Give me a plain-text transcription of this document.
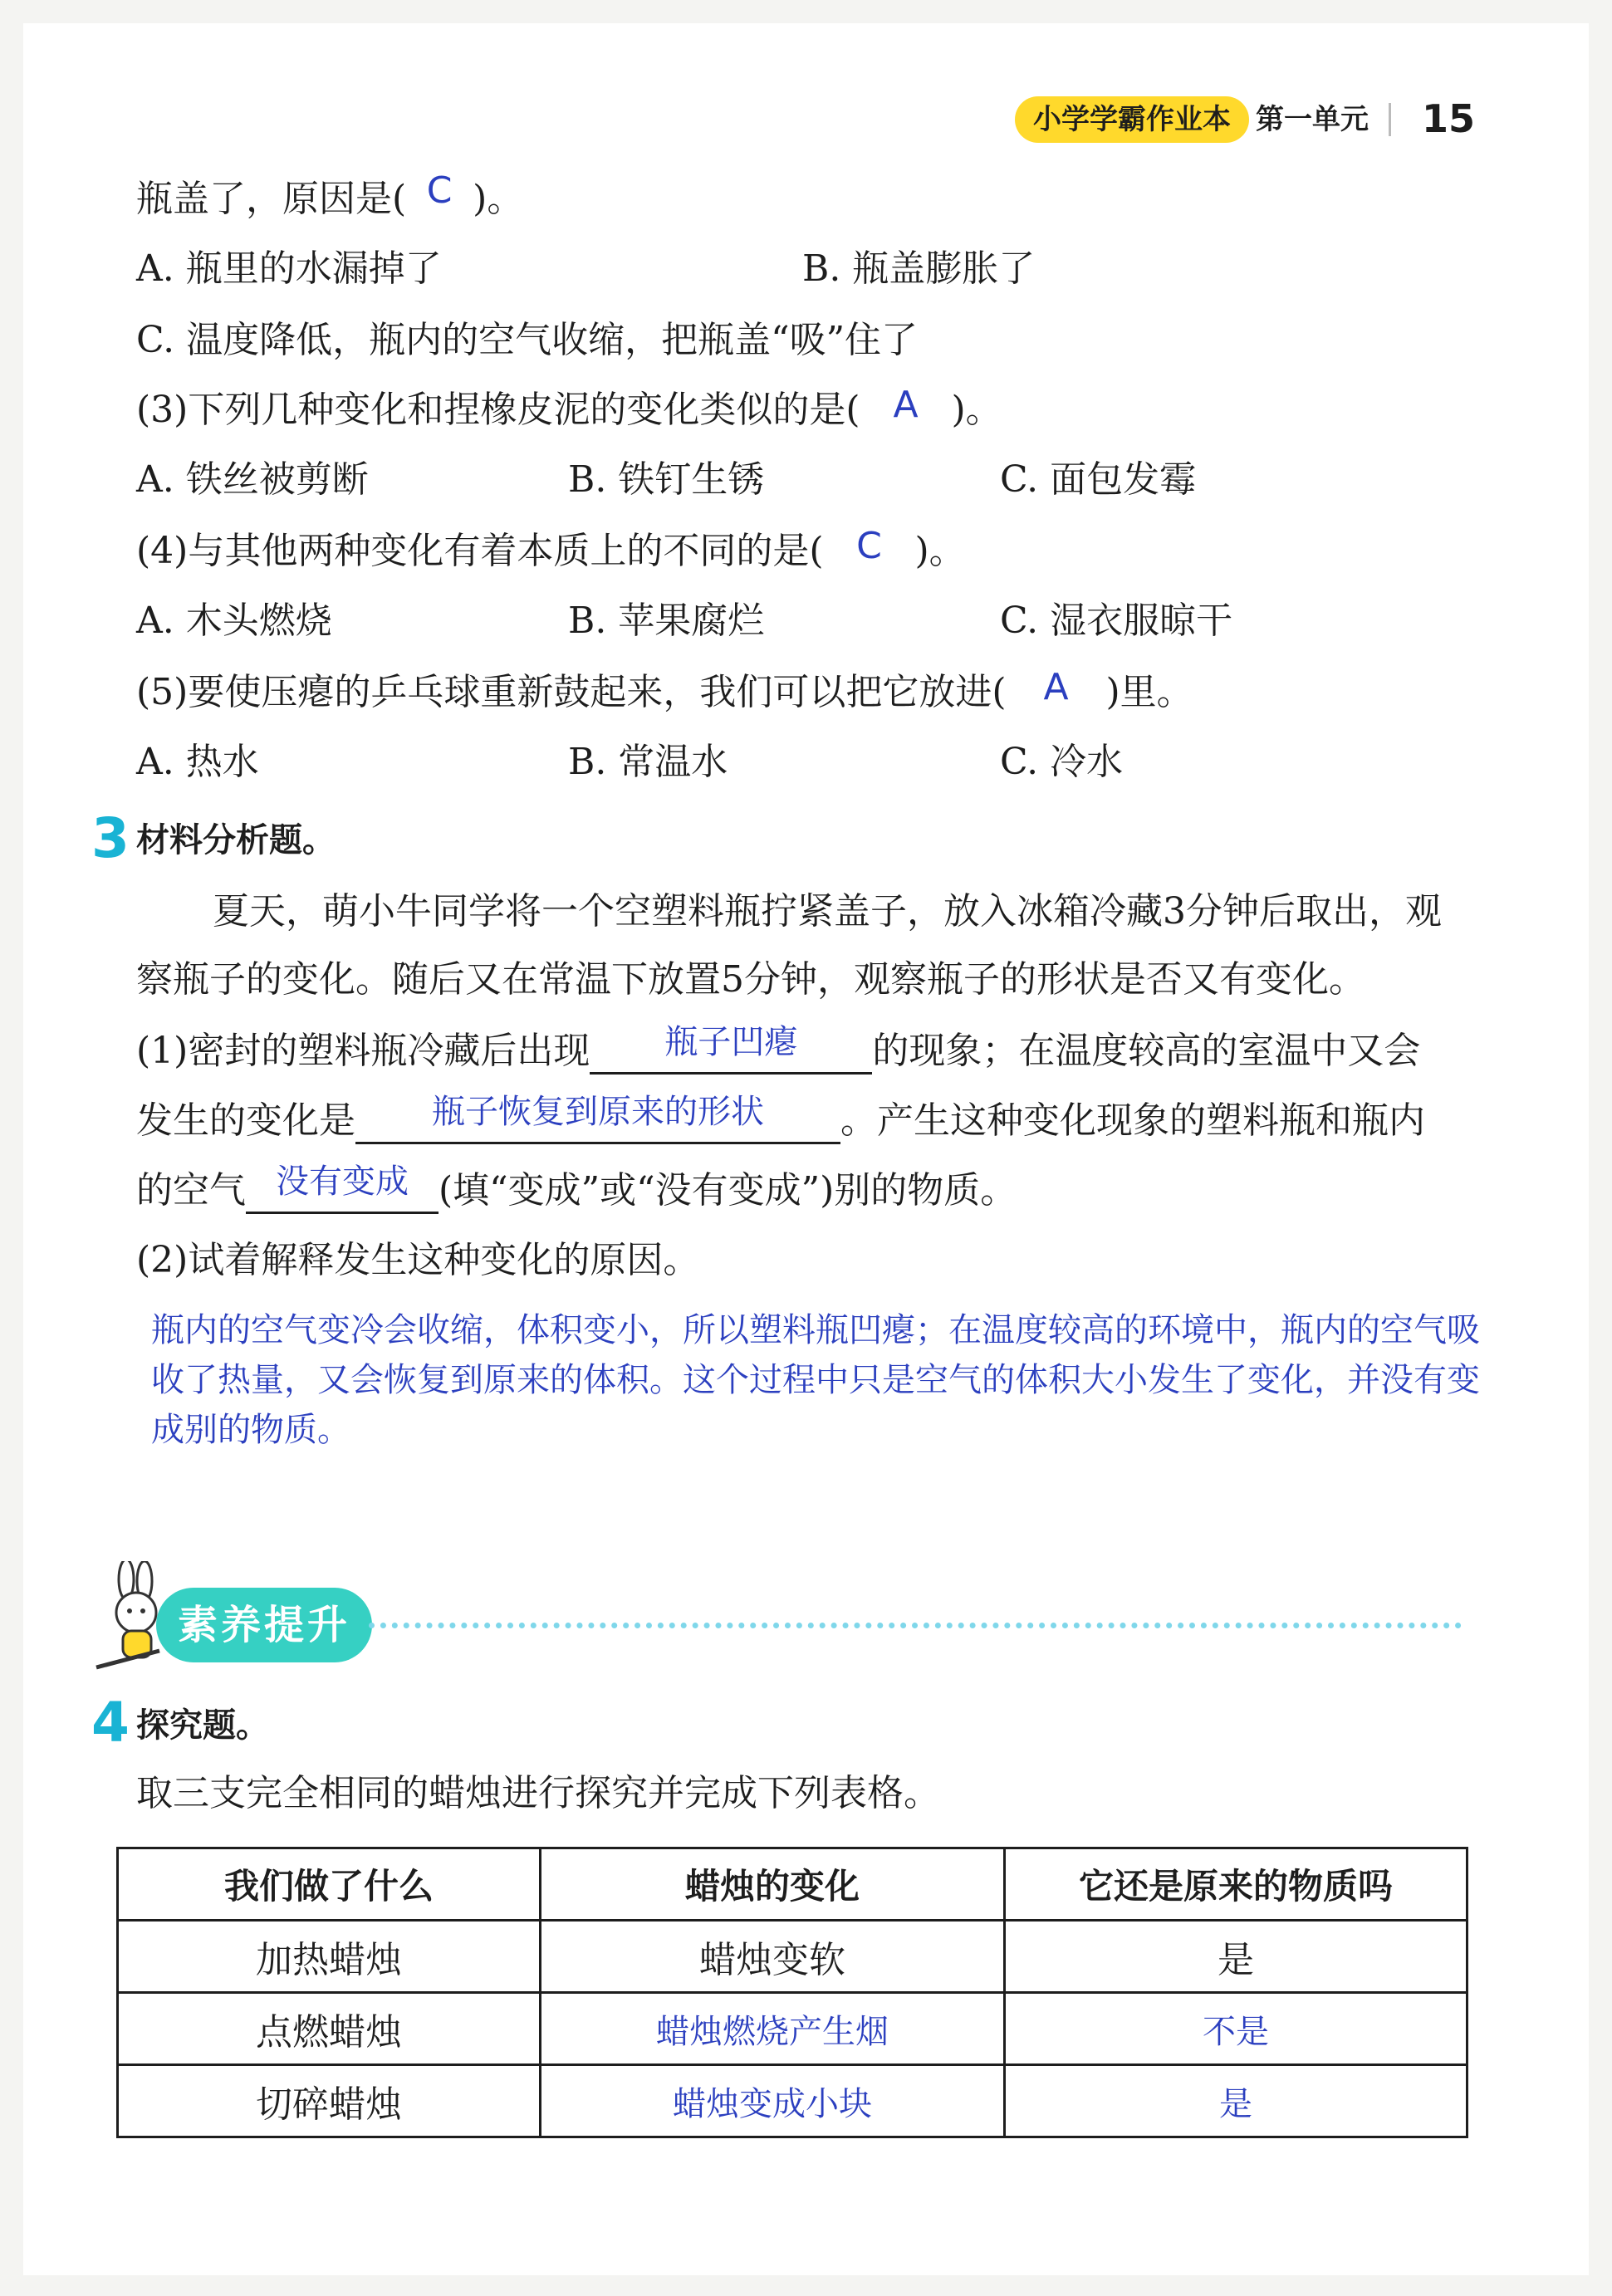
小学学霸作业本 第一单元 15
瓶盖了，原因是( C )。
A. 瓶里的水漏掉了	B. 瓶盖膨胀了
C. 温度降低，瓶内的空气收缩，把瓶盖“吸”住了
(3)下列几种变化和捏橡皮泥的变化类似的是( A )。
A. 铁丝被剪断	B. 铁钉生锈	C. 面包发霉
(4)与其他两种变化有着本质上的不同的是( C )。
A. 木头燃烧	B. 苹果腐烂	C. 湿衣服晾干
(5)要使压瘪的乒乓球重新鼓起来，我们可以把它放进( A )里。
A. 热水	B. 常温水	C. 冷水
3 材料分析题。
夏天，萌小牛同学将一个空塑料瓶拧紧盖子，放入冰箱冷藏3分钟后取出，观
察瓶子的变化。随后又在常温下放置5分钟，观察瓶子的形状是否又有变化。
(1)密封的塑料瓶冷藏后出现	瓶子凹瘪	的现象；在温度较高的室温中又会
发生的变化是	瓶子恢复到原来的形状	。产生这种变化现象的塑料瓶和瓶内
的空气 没有变成 (填“变成”或“没有变成”)别的物质。
(2)试着解释发生这种变化的原因。
瓶内的空气变冷会收缩，体积变小，所以塑料瓶凹瘪；在温度较高的环境中，瓶内的空气吸
收了热量，又会恢复到原来的体积。这个过程中只是空气的体积大小发生了变化，并没有变
成别的物质。
素养提升
4 探究题。
取三支完全相同的蜡烛进行探究并完成下列表格。
我们做了什么	蜡烛的变化	它还是原来的物质吗
加热蜡烛	蜡烛变软	是
点燃蜡烛	蜡烛燃烧产生烟	不是
切碎蜡烛	蜡烛变成小块	是
